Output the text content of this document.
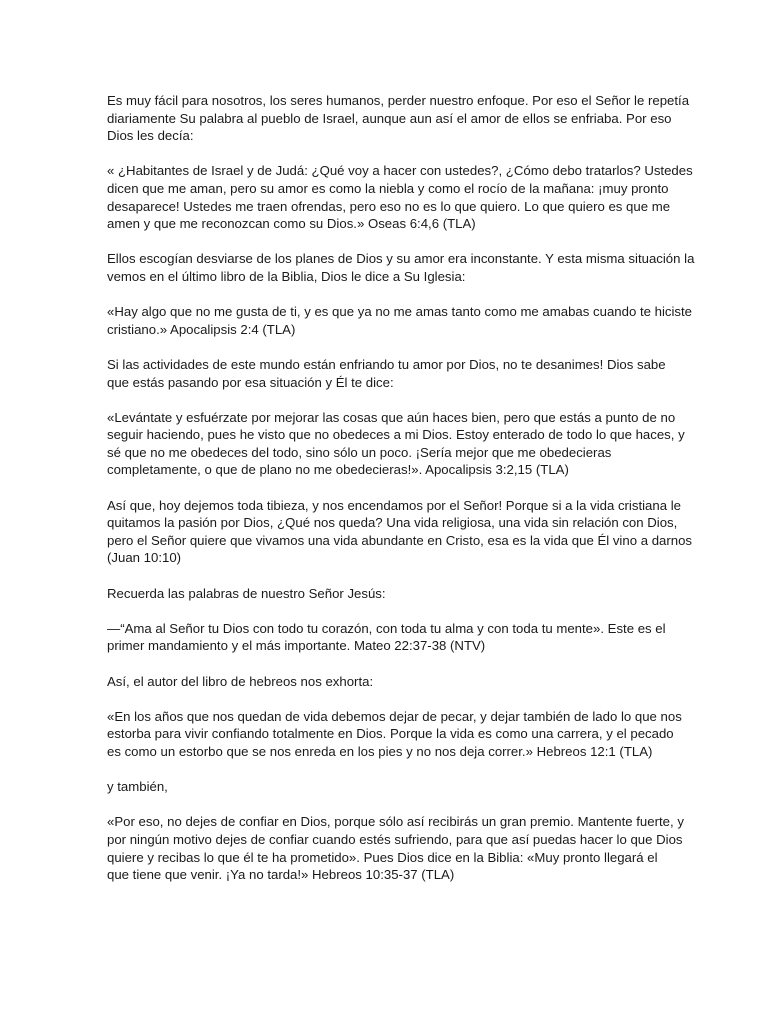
Es muy fácil para nosotros, los seres humanos, perder nuestro enfoque. Por eso el Señor le repetía
diariamente Su palabra al pueblo de Israel, aunque aun así el amor de ellos se enfriaba. Por eso
Dios les decía:

« ¿Habitantes de Israel y de Judá: ¿Qué voy a hacer con ustedes?, ¿Cómo debo tratarlos? Ustedes
dicen que me aman, pero su amor es como la niebla y como el rocío de la mañana: ¡muy pronto
desaparece! Ustedes me traen ofrendas, pero eso no es lo que quiero. Lo que quiero es que me
amen y que me reconozcan como su Dios.» Oseas 6:4,6 (TLA)

Ellos escogían desviarse de los planes de Dios y su amor era inconstante. Y esta misma situación la
vemos en el último libro de la Biblia, Dios le dice a Su Iglesia:

«Hay algo que no me gusta de ti, y es que ya no me amas tanto como me amabas cuando te hiciste
cristiano.» Apocalipsis 2:4 (TLA)

Si las actividades de este mundo están enfriando tu amor por Dios, no te desanimes! Dios sabe
que estás pasando por esa situación y Él te dice:

«Levántate y esfuérzate por mejorar las cosas que aún haces bien, pero que estás a punto de no
seguir haciendo, pues he visto que no obedeces a mi Dios. Estoy enterado de todo lo que haces, y
sé que no me obedeces del todo, sino sólo un poco. ¡Sería mejor que me obedecieras
completamente, o que de plano no me obedecieras!». Apocalipsis 3:2,15 (TLA)

Así que, hoy dejemos toda tibieza, y nos encendamos por el Señor! Porque si a la vida cristiana le
quitamos la pasión por Dios, ¿Qué nos queda? Una vida religiosa, una vida sin relación con Dios,
pero el Señor quiere que vivamos una vida abundante en Cristo, esa es la vida que Él vino a darnos
(Juan 10:10)

Recuerda las palabras de nuestro Señor Jesús:

—“Ama al Señor tu Dios con todo tu corazón, con toda tu alma y con toda tu mente». Este es el
primer mandamiento y el más importante. Mateo 22:37-38 (NTV)

Así, el autor del libro de hebreos nos exhorta:

«En los años que nos quedan de vida debemos dejar de pecar, y dejar también de lado lo que nos
estorba para vivir confiando totalmente en Dios. Porque la vida es como una carrera, y el pecado
es como un estorbo que se nos enreda en los pies y no nos deja correr.» Hebreos 12:1 (TLA)

y también,

«Por eso, no dejes de confiar en Dios, porque sólo así recibirás un gran premio. Mantente fuerte, y
por ningún motivo dejes de confiar cuando estés sufriendo, para que así puedas hacer lo que Dios
quiere y recibas lo que él te ha prometido». Pues Dios dice en la Biblia: «Muy pronto llegará el
que tiene que venir. ¡Ya no tarda!» Hebreos 10:35-37 (TLA)
